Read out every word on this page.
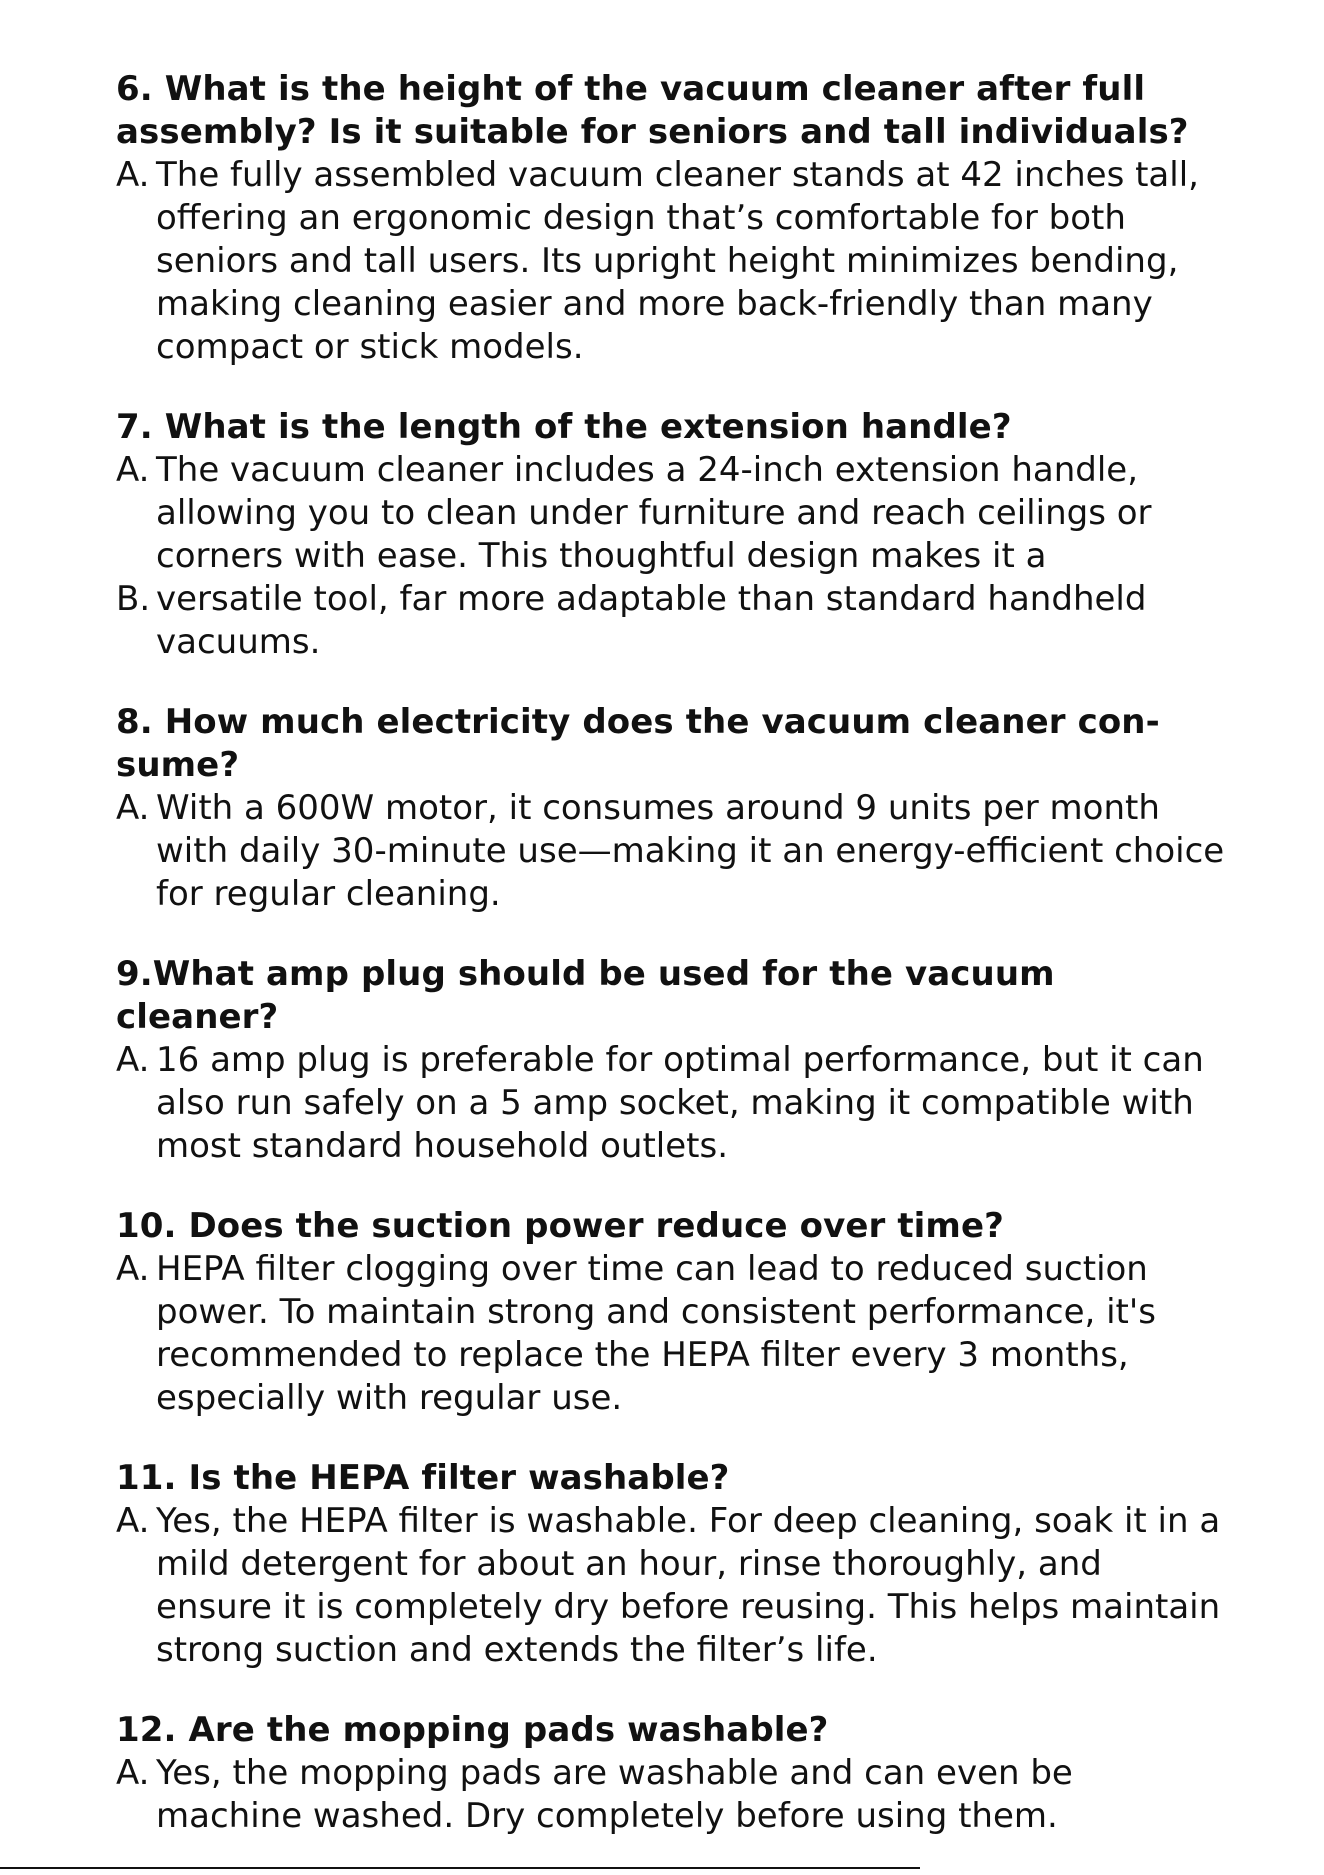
6. What is the height of the vacuum cleaner after full assembly? Is it suitable for seniors and tall individuals?

A. The fully assembled vacuum cleaner stands at 42 inches tall, offering an ergonomic design that’s comfortable for both seniors and tall users. Its upright height minimizes bending, making cleaning easier and more back-friendly than many compact or stick models.

7. What is the length of the extension handle?

A. The vacuum cleaner includes a 24-inch extension handle, allowing you to clean under furniture and reach ceilings or corners with ease. This thoughtful design makes it a
B. versatile tool, far more adaptable than standard handheld vacuums.

8. How much electricity does the vacuum cleaner con- sume?

A. With a 600W motor, it consumes around 9 units per month with daily 30-minute use—making it an energy-efficient choice for regular cleaning.

9.What amp plug should be used for the vacuum cleaner?

A. 16 amp plug is preferable for optimal performance, but it can also run safely on a 5 amp socket, making it compatible with most standard household outlets.

10. Does the suction power reduce over time?

A. HEPA filter clogging over time can lead to reduced suction power. To maintain strong and consistent performance, it's recommended to replace the HEPA filter every 3 months, especially with regular use.

11. Is the HEPA filter washable?

A. Yes, the HEPA filter is washable. For deep cleaning, soak it in a mild detergent for about an hour, rinse thoroughly, and ensure it is completely dry before reusing. This helps maintain strong suction and extends the filter’s life.

12. Are the mopping pads washable?

A. Yes, the mopping pads are washable and can even be machine washed. Dry completely before using them.
